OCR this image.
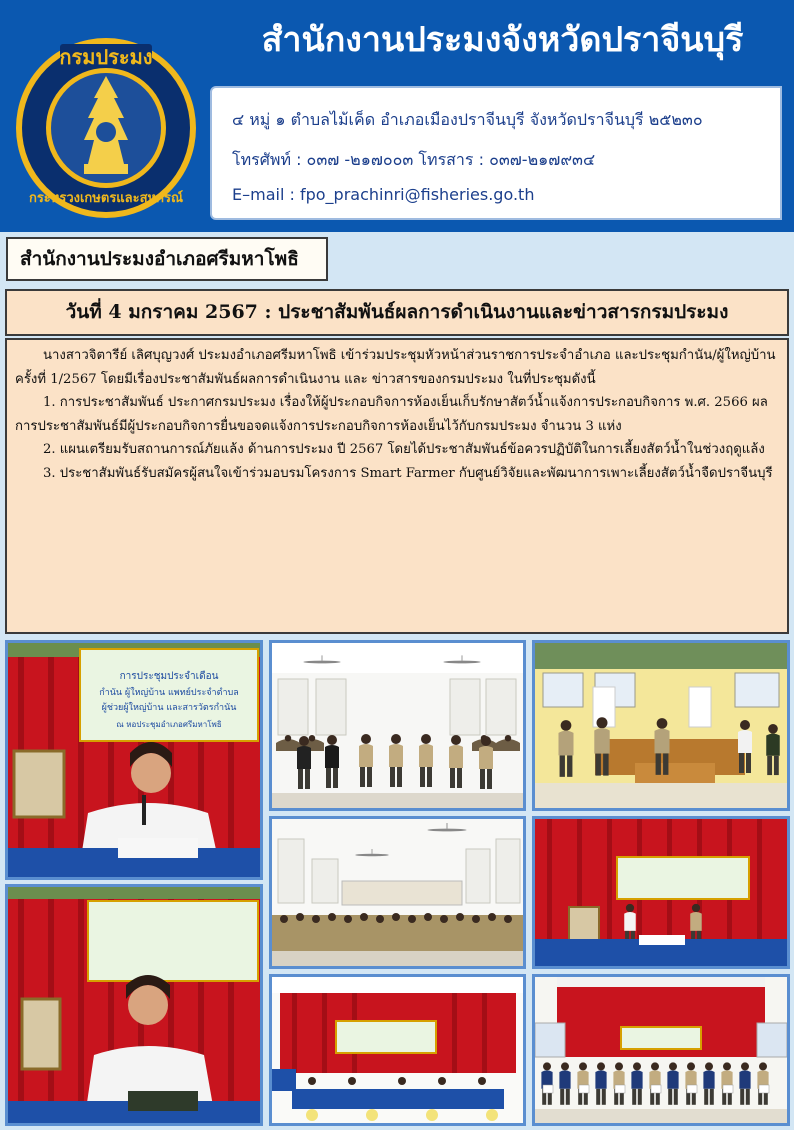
กรมประมง
กระทรวงเกษตรและสหกรณ์
สำนักงานประมงจังหวัดปราจีนบุรี
๔ หมู่ ๑ ตำบลไม้เค็ด อำเภอเมืองปราจีนบุรี จังหวัดปราจีนบุรี ๒๕๒๓๐
โทรศัพท์ : ๐๓๗ -๒๑๗๐๐๓ โทรสาร : ๐๓๗-๒๑๗๙๓๔
E–mail : fpo_prachinri@fisheries.go.th
สำนักงานประมงอำเภอศรีมหาโพธิ
วันที่ 4 มกราคม 2567 : ประชาสัมพันธ์ผลการดำเนินงานและข่าวสารกรมประมง

นางสาวจิตารีย์ เลิศบุญวงศ์ ประมงอำเภอศรีมหาโพธิ เข้าร่วมประชุมหัวหน้าส่วนราชการประจำอำเภอ และประชุมกำนัน/ผู้ใหญ่บ้าน ครั้งที่ 1/2567 โดยมีเรื่องประชาสัมพันธ์ผลการดำเนินงาน และ ข่าวสารของกรมประมง ในที่ประชุมดังนี้

1. การประชาสัมพันธ์ ประกาศกรมประมง เรื่องให้ผู้ประกอบกิจการห้องเย็นเก็บรักษาสัตว์น้ำแจ้งการประกอบกิจการ พ.ศ. 2566 ผลการประชาสัมพันธ์มีผู้ประกอบกิจการยื่นขอจดแจ้งการประกอบกิจการห้องเย็นไว้กับกรมประมง จำนวน 3 แห่ง

2. แผนเตรียมรับสถานการณ์ภัยแล้ง ด้านการประมง ปี 2567 โดยได้ประชาสัมพันธ์ข้อควรปฏิบัติในการเลี้ยงสัตว์น้ำในช่วงฤดูแล้ง

3. ประชาสัมพันธ์รับสมัครผู้สนใจเข้าร่วมอบรมโครงการ Smart Farmer กับศูนย์วิจัยและพัฒนาการเพาะเลี้ยงสัตว์น้ำจืดปราจีนบุรี

การประชุมประจำเดือน
กำนัน ผู้ใหญ่บ้าน แพทย์ประจำตำบล
ผู้ช่วยผู้ใหญ่บ้าน และสารวัตรกำนัน
ณ หอประชุมอำเภอศรีมหาโพธิ
